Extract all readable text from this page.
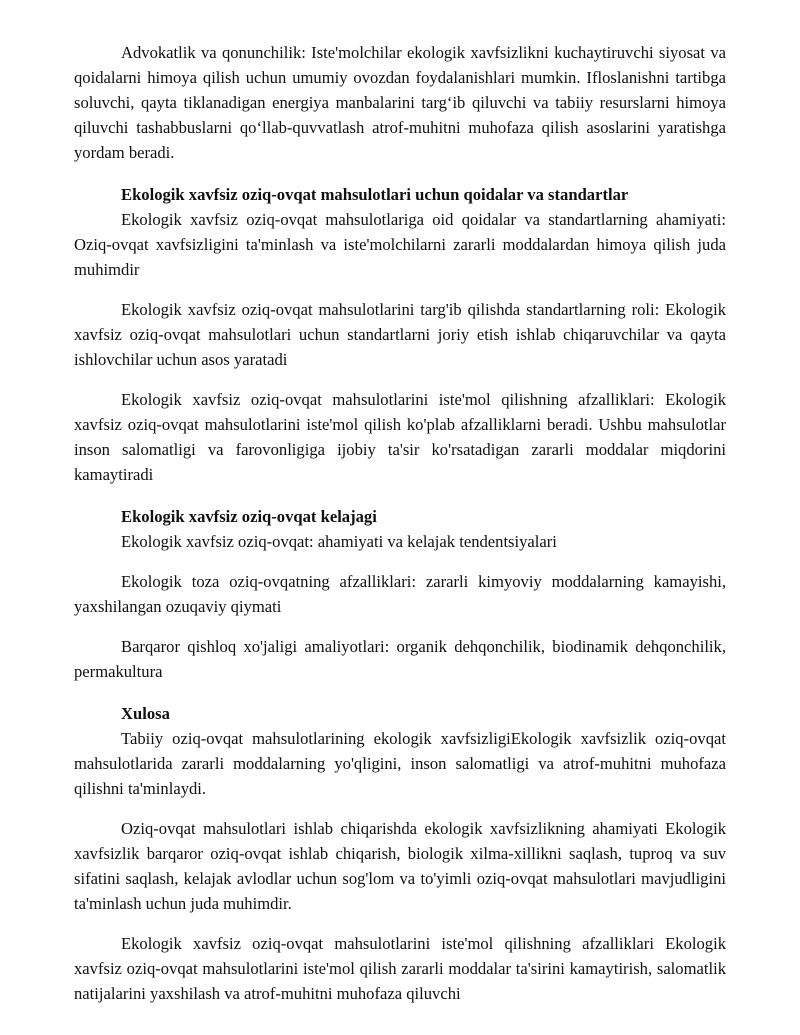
Advokatlik va qonunchilik: Iste'molchilar ekologik xavfsizlikni kuchaytiruvchi siyosat va qoidalarni himoya qilish uchun umumiy ovozdan foydalanishlari mumkin. Ifloslanishni tartibga soluvchi, qayta tiklanadigan energiya manbalarini targ‘ib qiluvchi va tabiiy resurslarni himoya qiluvchi tashabbuslarni qo‘llab-quvvatlash atrof-muhitni muhofaza qilish asoslarini yaratishga yordam beradi.

Ekologik xavfsiz oziq-ovqat mahsulotlari uchun qoidalar va standartlar

Ekologik xavfsiz oziq-ovqat mahsulotlariga oid qoidalar va standartlarning ahamiyati: Oziq-ovqat xavfsizligini ta'minlash va iste'molchilarni zararli moddalardan himoya qilish juda muhimdir

Ekologik xavfsiz oziq-ovqat mahsulotlarini targ'ib qilishda standartlarning roli: Ekologik xavfsiz oziq-ovqat mahsulotlari uchun standartlarni joriy etish ishlab chiqaruvchilar va qayta ishlovchilar uchun asos yaratadi

Ekologik xavfsiz oziq-ovqat mahsulotlarini iste'mol qilishning afzalliklari: Ekologik xavfsiz oziq-ovqat mahsulotlarini iste'mol qilish ko'plab afzalliklarni beradi. Ushbu mahsulotlar inson salomatligi va farovonligiga ijobiy ta'sir ko'rsatadigan zararli moddalar miqdorini kamaytiradi

Ekologik xavfsiz oziq-ovqat kelajagi

Ekologik xavfsiz oziq-ovqat: ahamiyati va kelajak tendentsiyalari

Ekologik toza oziq-ovqatning afzalliklari: zararli kimyoviy moddalarning kamayishi, yaxshilangan ozuqaviy qiymati

Barqaror qishloq xo'jaligi amaliyotlari: organik dehqonchilik, biodinamik dehqonchilik, permakultura

Xulosa

Tabiiy oziq-ovqat mahsulotlarining ekologik xavfsizligiEkologik xavfsizlik oziq-ovqat mahsulotlarida zararli moddalarning yo'qligini, inson salomatligi va atrof-muhitni muhofaza qilishni ta'minlaydi.

Oziq-ovqat mahsulotlari ishlab chiqarishda ekologik xavfsizlikning ahamiyati Ekologik xavfsizlik barqaror oziq-ovqat ishlab chiqarish, biologik xilma-xillikni saqlash, tuproq va suv sifatini saqlash, kelajak avlodlar uchun sog'lom va to'yimli oziq-ovqat mahsulotlari mavjudligini ta'minlash uchun juda muhimdir.

Ekologik xavfsiz oziq-ovqat mahsulotlarini iste'mol qilishning afzalliklari Ekologik xavfsiz oziq-ovqat mahsulotlarini iste'mol qilish zararli moddalar ta'sirini kamaytirish, salomatlik natijalarini yaxshilash va atrof-muhitni muhofaza qiluvchi
